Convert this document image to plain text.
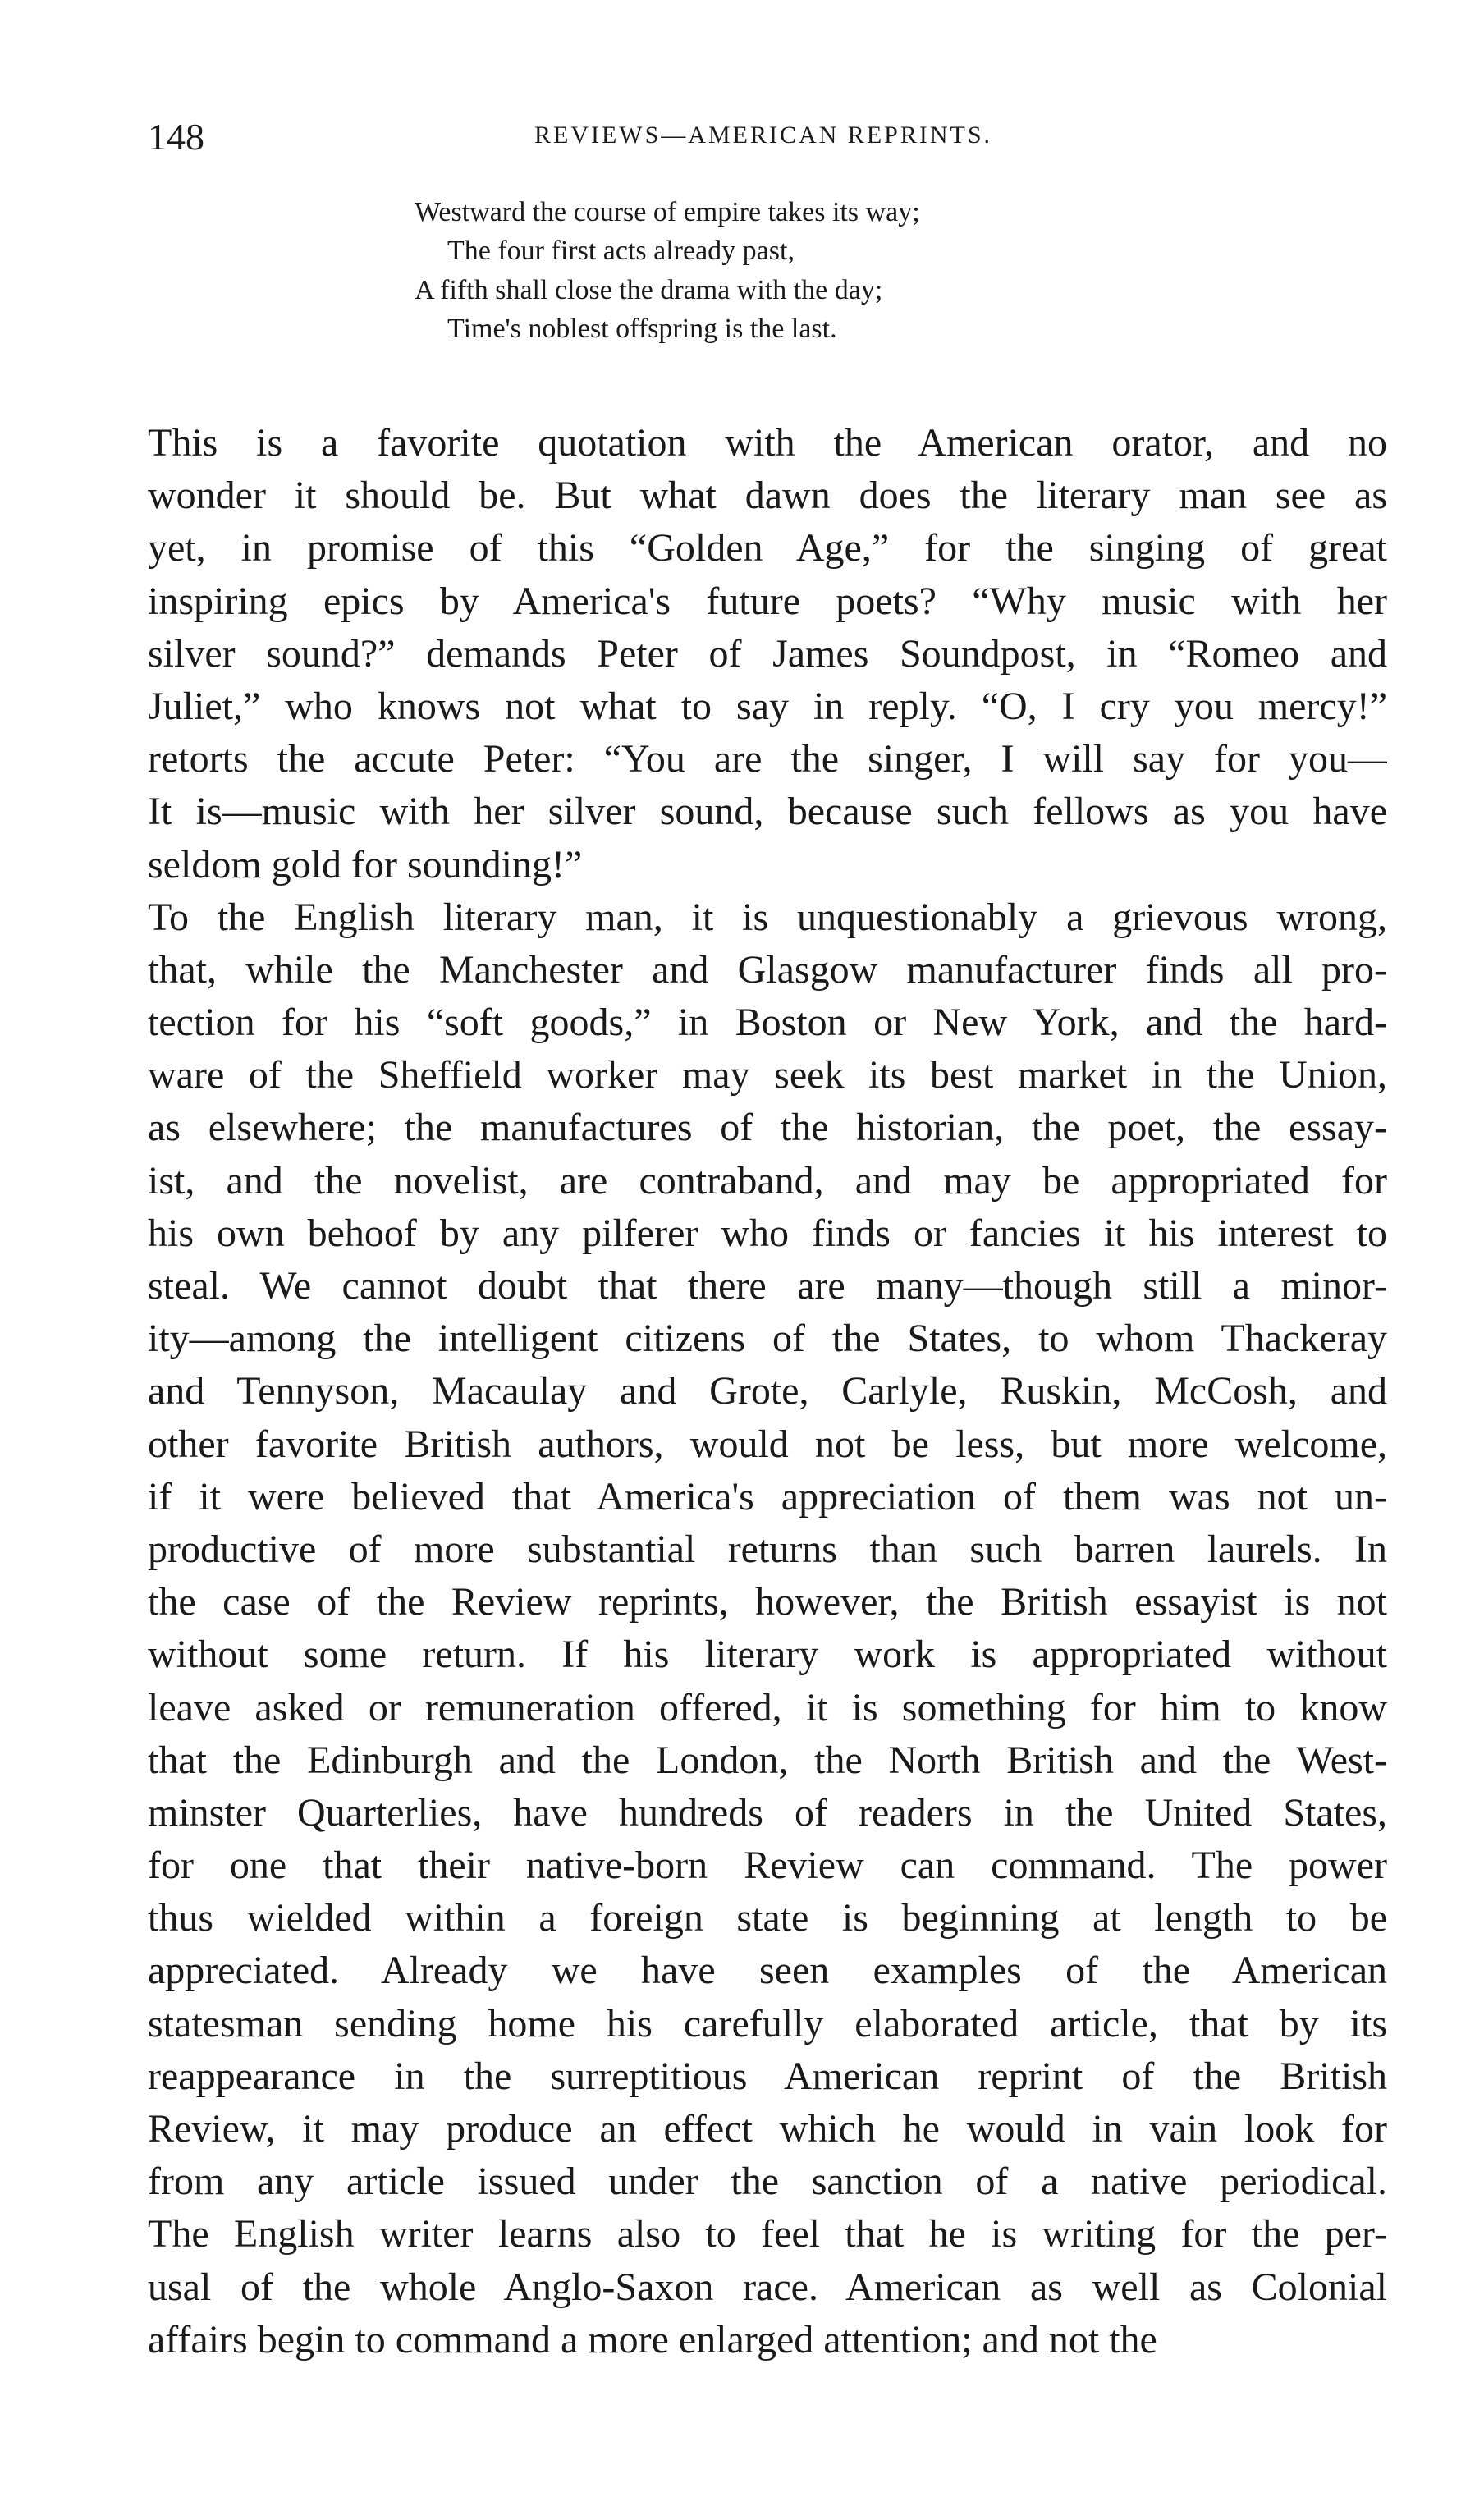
148	REVIEWS—AMERICAN REPRINTS.
Westward the course of empire takes its way;
The four first acts already past,
A fifth shall close the drama with the day;
Time's noblest offspring is the last.
This is a favorite quotation with the American orator, and no
wonder it should be. But what dawn does the literary man see as
yet, in promise of this “Golden Age,” for the singing of great
inspiring epics by America's future poets? “Why music with her
silver sound?” demands Peter of James Soundpost, in “Romeo and
Juliet,” who knows not what to say in reply. “O, I cry you mercy!”
retorts the accute Peter: “You are the singer, I will say for you—
It is—music with her silver sound, because such fellows as you have
seldom gold for sounding!”
To the English literary man, it is unquestionably a grievous wrong,
that, while the Manchester and Glasgow manufacturer finds all pro-
tection for his “soft goods,” in Boston or New York, and the hard-
ware of the Sheffield worker may seek its best market in the Union,
as elsewhere; the manufactures of the historian, the poet, the essay-
ist, and the novelist, are contraband, and may be appropriated for
his own behoof by any pilferer who finds or fancies it his interest to
steal. We cannot doubt that there are many—though still a minor-
ity—among the intelligent citizens of the States, to whom Thackeray
and Tennyson, Macaulay and Grote, Carlyle, Ruskin, McCosh, and
other favorite British authors, would not be less, but more welcome,
if it were believed that America's appreciation of them was not un-
productive of more substantial returns than such barren laurels. In
the case of the Review reprints, however, the British essayist is not
without some return. If his literary work is appropriated without
leave asked or remuneration offered, it is something for him to know
that the Edinburgh and the London, the North British and the West-
minster Quarterlies, have hundreds of readers in the United States,
for one that their native-born Review can command. The power
thus wielded within a foreign state is beginning at length to be
appreciated. Already we have seen examples of the American
statesman sending home his carefully elaborated article, that by its
reappearance in the surreptitious American reprint of the British
Review, it may produce an effect which he would in vain look for
from any article issued under the sanction of a native periodical.
The English writer learns also to feel that he is writing for the per-
usal of the whole Anglo-Saxon race. American as well as Colonial
affairs begin to command a more enlarged attention; and not the
